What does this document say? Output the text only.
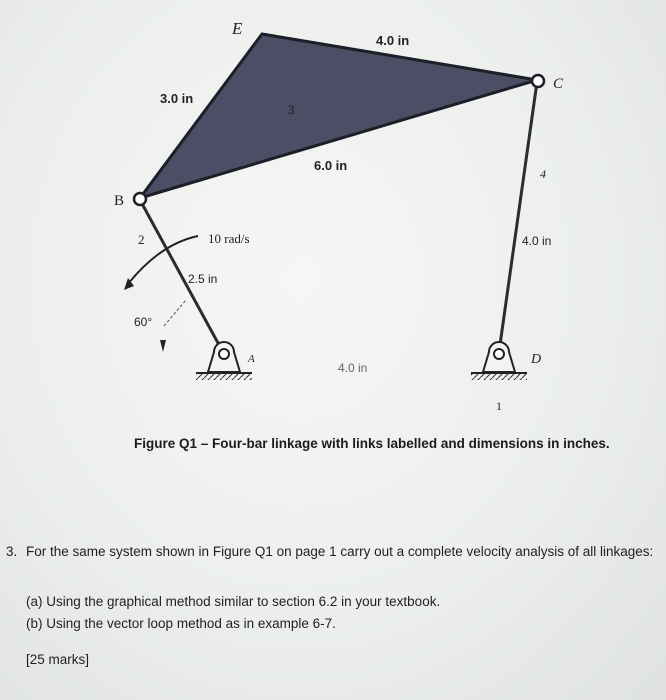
E
C
B
D
A
3
2
4
1
4.0 in
3.0 in
6.0 in
4.0 in
2.5 in
4.0 in
60°
10 rad/s
Figure Q1 – Four-bar linkage with links labelled and dimensions in inches.
3. For the same system shown in Figure Q1 on page 1 carry out a complete velocity analysis of all linkages:
(a) Using the graphical method similar to section 6.2 in your textbook.
(b) Using the vector loop method as in example 6-7.
[25 marks]
